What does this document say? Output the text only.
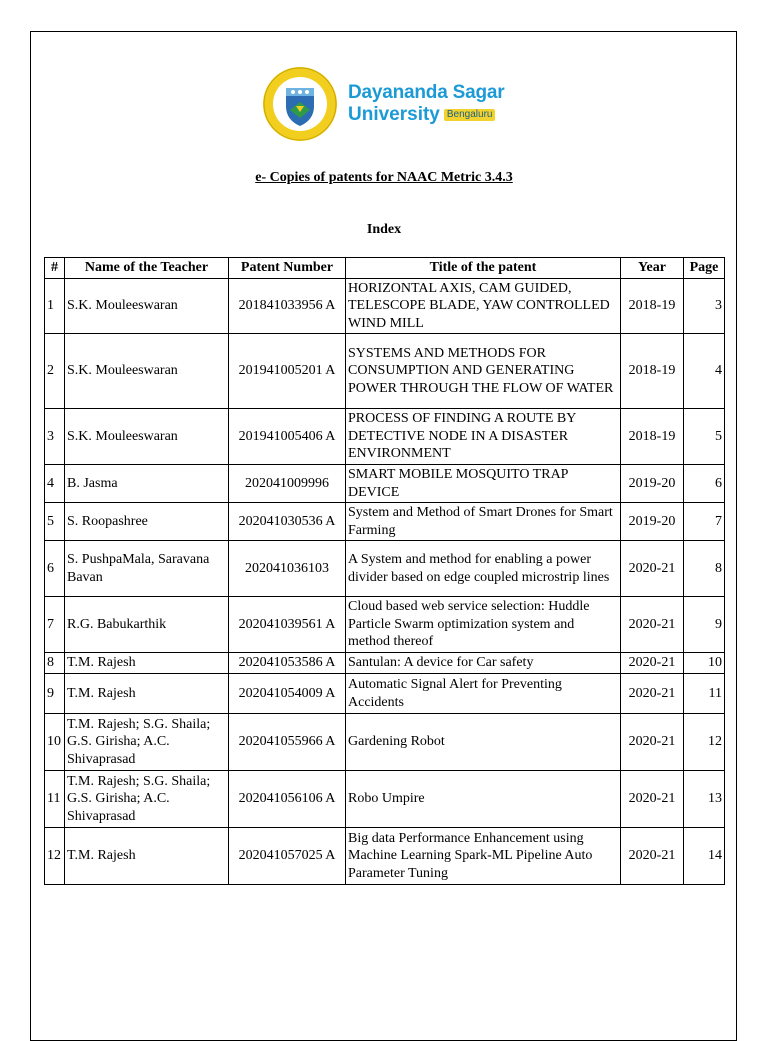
Dayananda Sagar
University Bengaluru
e- Copies of patents for NAAC Metric 3.4.3
Index
#	Name of the Teacher	Patent Number	Title of the patent	Year	Page
1	S.K. Mouleeswaran	201841033956 A	HORIZONTAL AXIS, CAM GUIDED, TELESCOPE BLADE, YAW CONTROLLED WIND MILL	2018-19	3
2	S.K. Mouleeswaran	201941005201 A	SYSTEMS AND METHODS FOR CONSUMPTION AND GENERATING POWER THROUGH THE FLOW OF WATER	2018-19	4
3	S.K. Mouleeswaran	201941005406 A	PROCESS OF FINDING A ROUTE BY DETECTIVE NODE IN A DISASTER ENVIRONMENT	2018-19	5
4	B. Jasma	202041009996	SMART MOBILE MOSQUITO TRAP DEVICE	2019-20	6
5	S. Roopashree	202041030536 A	System and Method of Smart Drones for Smart Farming	2019-20	7
6	S. PushpaMala, Saravana Bavan	202041036103	A System and method for enabling a power divider based on edge coupled microstrip lines	2020-21	8
7	R.G. Babukarthik	202041039561 A	Cloud based web service selection: Huddle Particle Swarm optimization system and method thereof	2020-21	9
8	T.M. Rajesh	202041053586 A	Santulan: A device for Car safety	2020-21	10
9	T.M. Rajesh	202041054009 A	Automatic Signal Alert for Preventing Accidents	2020-21	11
10	T.M. Rajesh; S.G. Shaila; G.S. Girisha; A.C. Shivaprasad	202041055966 A	Gardening Robot	2020-21	12
11	T.M. Rajesh; S.G. Shaila; G.S. Girisha; A.C. Shivaprasad	202041056106 A	Robo Umpire	2020-21	13
12	T.M. Rajesh	202041057025 A	Big data Performance Enhancement using Machine Learning Spark-ML Pipeline Auto Parameter Tuning	2020-21	14
